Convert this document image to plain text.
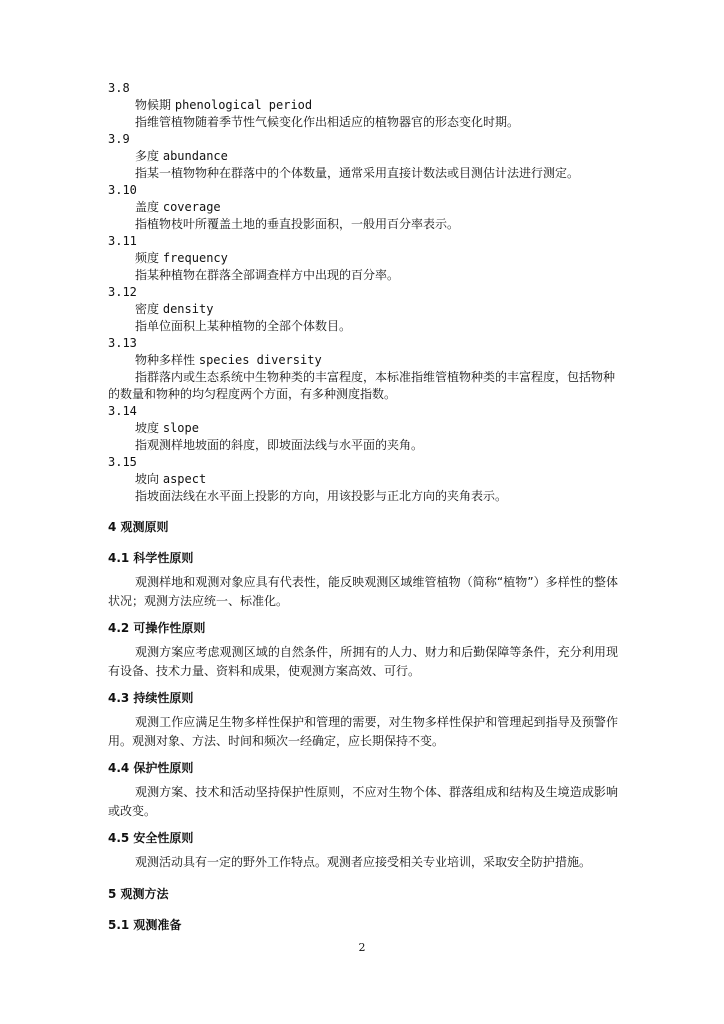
3.8
物候期 phenological period
指维管植物随着季节性气候变化作出相适应的植物器官的形态变化时期。
3.9
多度 abundance
指某一植物物种在群落中的个体数量，通常采用直接计数法或目测估计法进行测定。
3.10
盖度 coverage
指植物枝叶所覆盖土地的垂直投影面积，一般用百分率表示。
3.11
频度 frequency
指某种植物在群落全部调查样方中出现的百分率。
3.12
密度 density
指单位面积上某种植物的全部个体数目。
3.13
物种多样性 species diversity
指群落内或生态系统中生物种类的丰富程度，本标准指维管植物种类的丰富程度，包括物种的数量和物种的均匀程度两个方面，有多种测度指数。
3.14
坡度 slope
指观测样地坡面的斜度，即坡面法线与水平面的夹角。
3.15
坡向 aspect
指坡面法线在水平面上投影的方向，用该投影与正北方向的夹角表示。
4 观测原则
4.1 科学性原则
观测样地和观测对象应具有代表性，能反映观测区域维管植物（简称“植物”）多样性的整体状况；观测方法应统一、标准化。
4.2 可操作性原则
观测方案应考虑观测区域的自然条件，所拥有的人力、财力和后勤保障等条件，充分利用现有设备、技术力量、资料和成果，使观测方案高效、可行。
4.3 持续性原则
观测工作应满足生物多样性保护和管理的需要，对生物多样性保护和管理起到指导及预警作用。观测对象、方法、时间和频次一经确定，应长期保持不变。
4.4 保护性原则
观测方案、技术和活动坚持保护性原则，不应对生物个体、群落组成和结构及生境造成影响或改变。
4.5 安全性原则
观测活动具有一定的野外工作特点。观测者应接受相关专业培训，采取安全防护措施。
5 观测方法
5.1 观测准备
2
